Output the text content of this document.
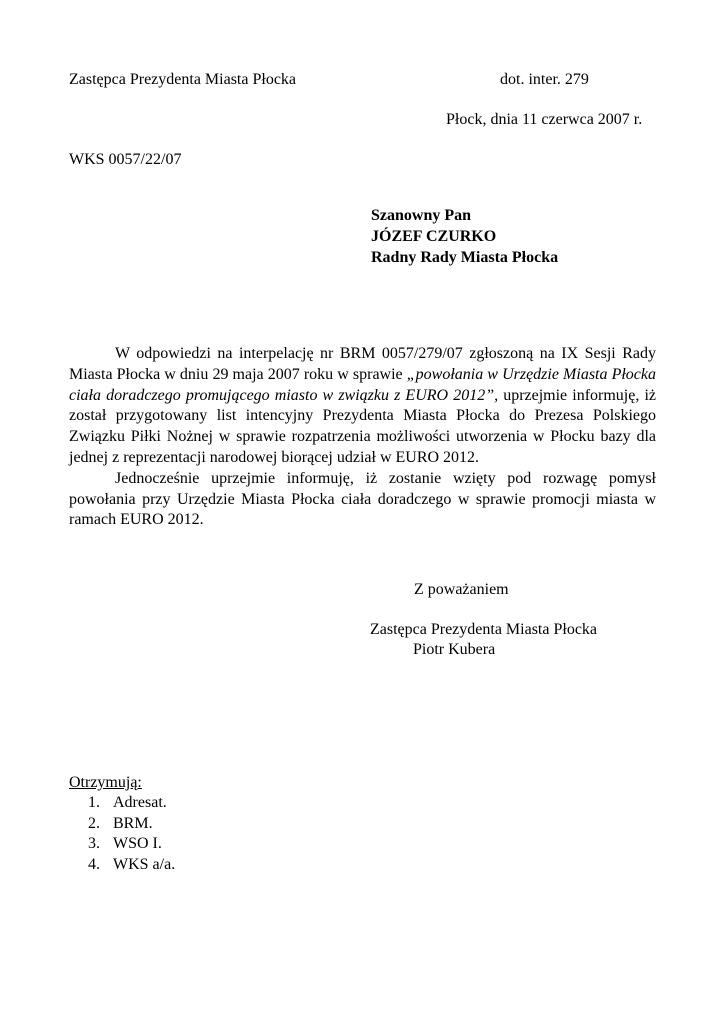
Zastępca Prezydenta Miasta Płocka	dot. inter. 279
Płock, dnia 11 czerwca 2007 r.
WKS 0057/22/07
Szanowny Pan
JÓZEF CZURKO
Radny Rady Miasta Płocka

W odpowiedzi na interpelację nr BRM 0057/279/07 zgłoszoną na IX Sesji Rady Miasta Płocka w dniu 29 maja 2007 roku w sprawie „powołania w Urzędzie Miasta Płocka ciała doradczego promującego miasto w związku z EURO 2012”, uprzejmie informuję, iż został przygotowany list intencyjny Prezydenta Miasta Płocka do Prezesa Polskiego Związku Piłki Nożnej w sprawie rozpatrzenia możliwości utworzenia w Płocku bazy dla jednej z reprezentacji narodowej biorącej udział w EURO 2012.

Jednocześnie uprzejmie informuję, iż zostanie wzięty pod rozwagę pomysł powołania przy Urzędzie Miasta Płocka ciała doradczego w sprawie promocji miasta w ramach EURO 2012.

Z poważaniem
Zastępca Prezydenta Miasta Płocka
Piotr Kubera
Otrzymują:
1. Adresat.
2. BRM.
3. WSO I.
4. WKS a/a.
